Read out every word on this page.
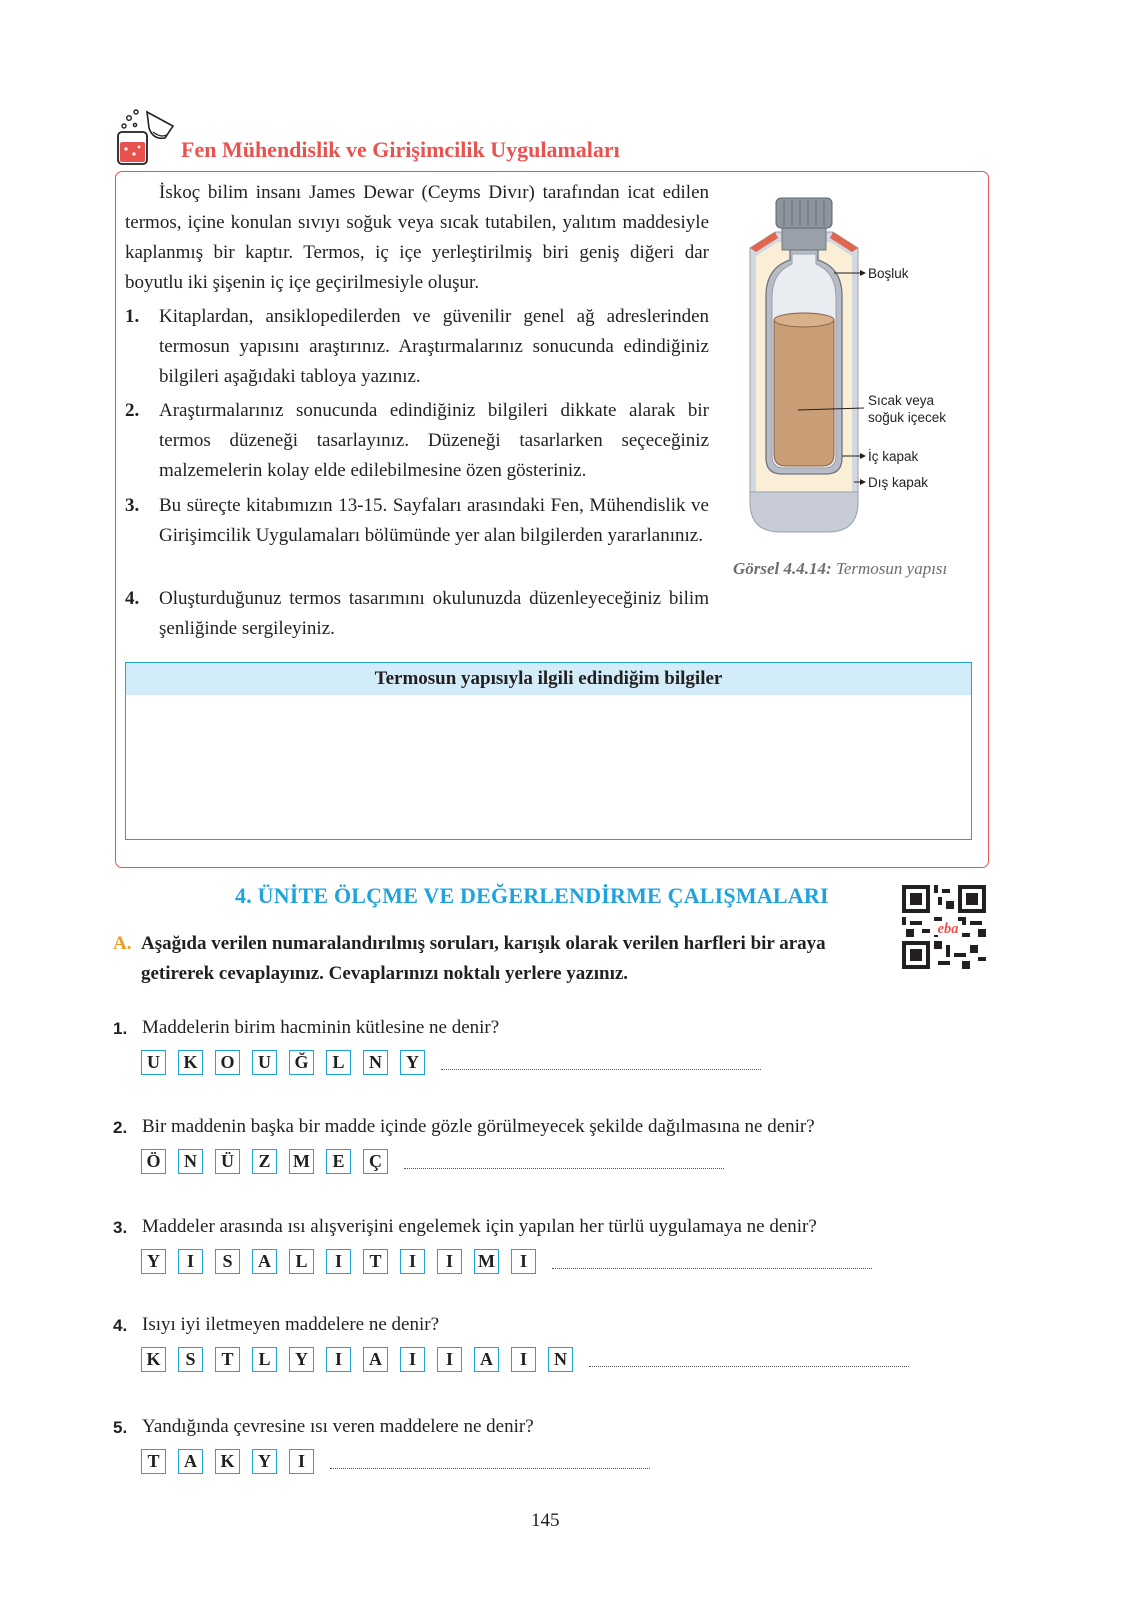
Fen Mühendislik ve Girişimcilik Uygulamaları

İskoç bilim insanı James Dewar (Ceyms Divır) tarafından icat edilen termos, içine konulan sıvıyı soğuk veya sıcak tutabilen, yalıtım maddesiyle kaplanmış bir kaptır. Termos, iç içe yerleştirilmiş biri geniş diğeri dar boyutlu iki şişenin iç içe geçirilmesiyle oluşur.

1. Kitaplardan, ansiklopedilerden ve güvenilir genel ağ adreslerinden termosun yapısını araştırınız. Araştırmalarınız sonucunda edindiğiniz bilgileri aşağıdaki tabloya yazınız.
2. Araştırmalarınız sonucunda edindiğiniz bilgileri dikkate alarak bir termos düzeneği tasarlayınız. Düzeneği tasarlarken seçeceğiniz malzemelerin kolay elde edilebilmesine özen gösteriniz.
3. Bu süreçte kitabımızın 13-15. Sayfaları arasındaki Fen, Mühendislik ve Girişimcilik Uygulamaları bölümünde yer alan bilgilerden yararlanınız.
4. Oluşturduğunuz termos tasarımını okulunuzda düzenleyeceğiniz bilim şenliğinde sergileyiniz.
Boşluk
Sıcak veya
soğuk içecek
İç kapak
Dış kapak
Görsel 4.4.14: Termosun yapısı
Termosun yapısıyla ilgili edindiğim bilgiler
4. ÜNİTE ÖLÇME VE DEĞERLENDİRME ÇALIŞMALARI
eba
A. Aşağıda verilen numaralandırılmış soruları, karışık olarak verilen harfleri bir araya getirerek cevaplayınız. Cevaplarınızı noktalı yerlere yazınız.
1. Maddelerin birim hacminin kütlesine ne denir?
U	K	O	U	Ğ	L	N	Y
2. Bir maddenin başka bir madde içinde gözle görülmeyecek şekilde dağılmasına ne denir?
Ö	N	Ü	Z	M	E	Ç
3. Maddeler arasında ısı alışverişini engelemek için yapılan her türlü uygulamaya ne denir?
Y	I	S	A	L	I	T	I	I	M	I
4. Isıyı iyi iletmeyen maddelere ne denir?
K	S	T	L	Y	I	A	I	I	A	I	N
5. Yandığında çevresine ısı veren maddelere ne denir?
T	A	K	Y	I
145
